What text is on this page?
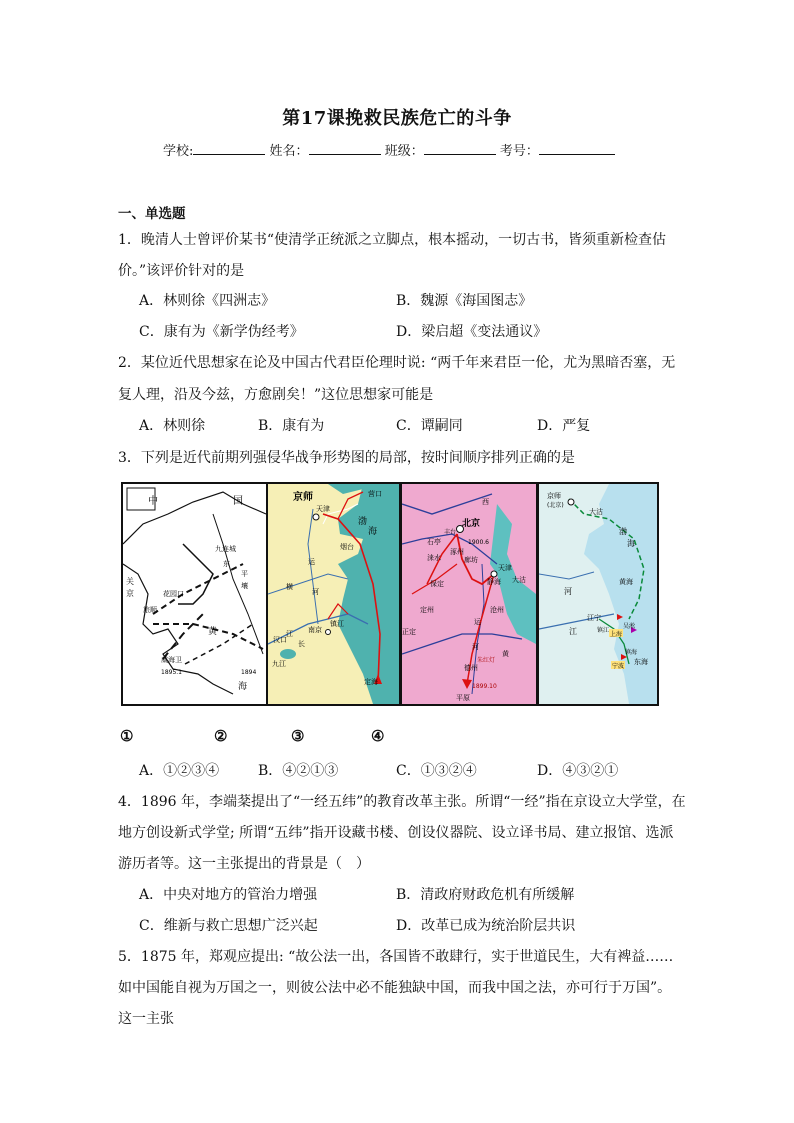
第17课挽救民族危亡的斗争
学校:	姓名：	班级：	考号：
一、单选题
1．晚清人士曾评价某书“使清学正统派之立脚点，根本摇动，一切古书，皆须重新检查估
价。”该评价针对的是
A．林则徐《四洲志》	B．魏源《海国图志》
C．康有为《新学伪经考》	D．梁启超《变法通议》
2．某位近代思想家在论及中国古代君臣伦理时说: “两千年来君臣一伦，尤为黑暗否塞，无
复人理，沿及今兹，方愈剧矣！”这位思想家可能是
A．林则徐	B．康有为	C．谭嗣同	D．严复
3．下列是近代前期列强侵华战争形势图的局部，按时间顺序排列正确的是
中	国
九连城
平
壤
花园口
旅顺
威海卫
关
京
黄
海
东
1895.1	1894
京师
天津
营口
烟台
渤
海
南京
镇江
汉口
九江
定海
长
江
运
河
横
西
北京
丰台
石亭
涿州
廊坊
涞水
天津
静海 大沽
保定
定州
正定
沧州
德州
朱红灯
1899.10
平原
1900.6
河
黄
运
京师
(北京)
大沽
渤
海
黄海
江宁
镇江
吴淞
上海
镇海
宁波
东海
河
江
①	②	③	④
A．①②③④	B．④②①③	C．①③②④	D．④③②①
4．1896 年，李端棻提出了“一经五纬”的教育改革主张。所谓“一经”指在京设立大学堂，在
地方创设新式学堂; 所谓“五纬”指开设藏书楼、创设仪器院、设立译书局、建立报馆、选派
游历者等。这一主张提出的背景是（　）
A．中央对地方的管治力增强	B．清政府财政危机有所缓解
C．维新与救亡思想广泛兴起	D．改革已成为统治阶层共识
5．1875 年，郑观应提出: “故公法一出，各国皆不敢肆行，实于世道民生，大有裨益……
如中国能自视为万国之一，则彼公法中必不能独缺中国，而我中国之法，亦可行于万国”。
这一主张
